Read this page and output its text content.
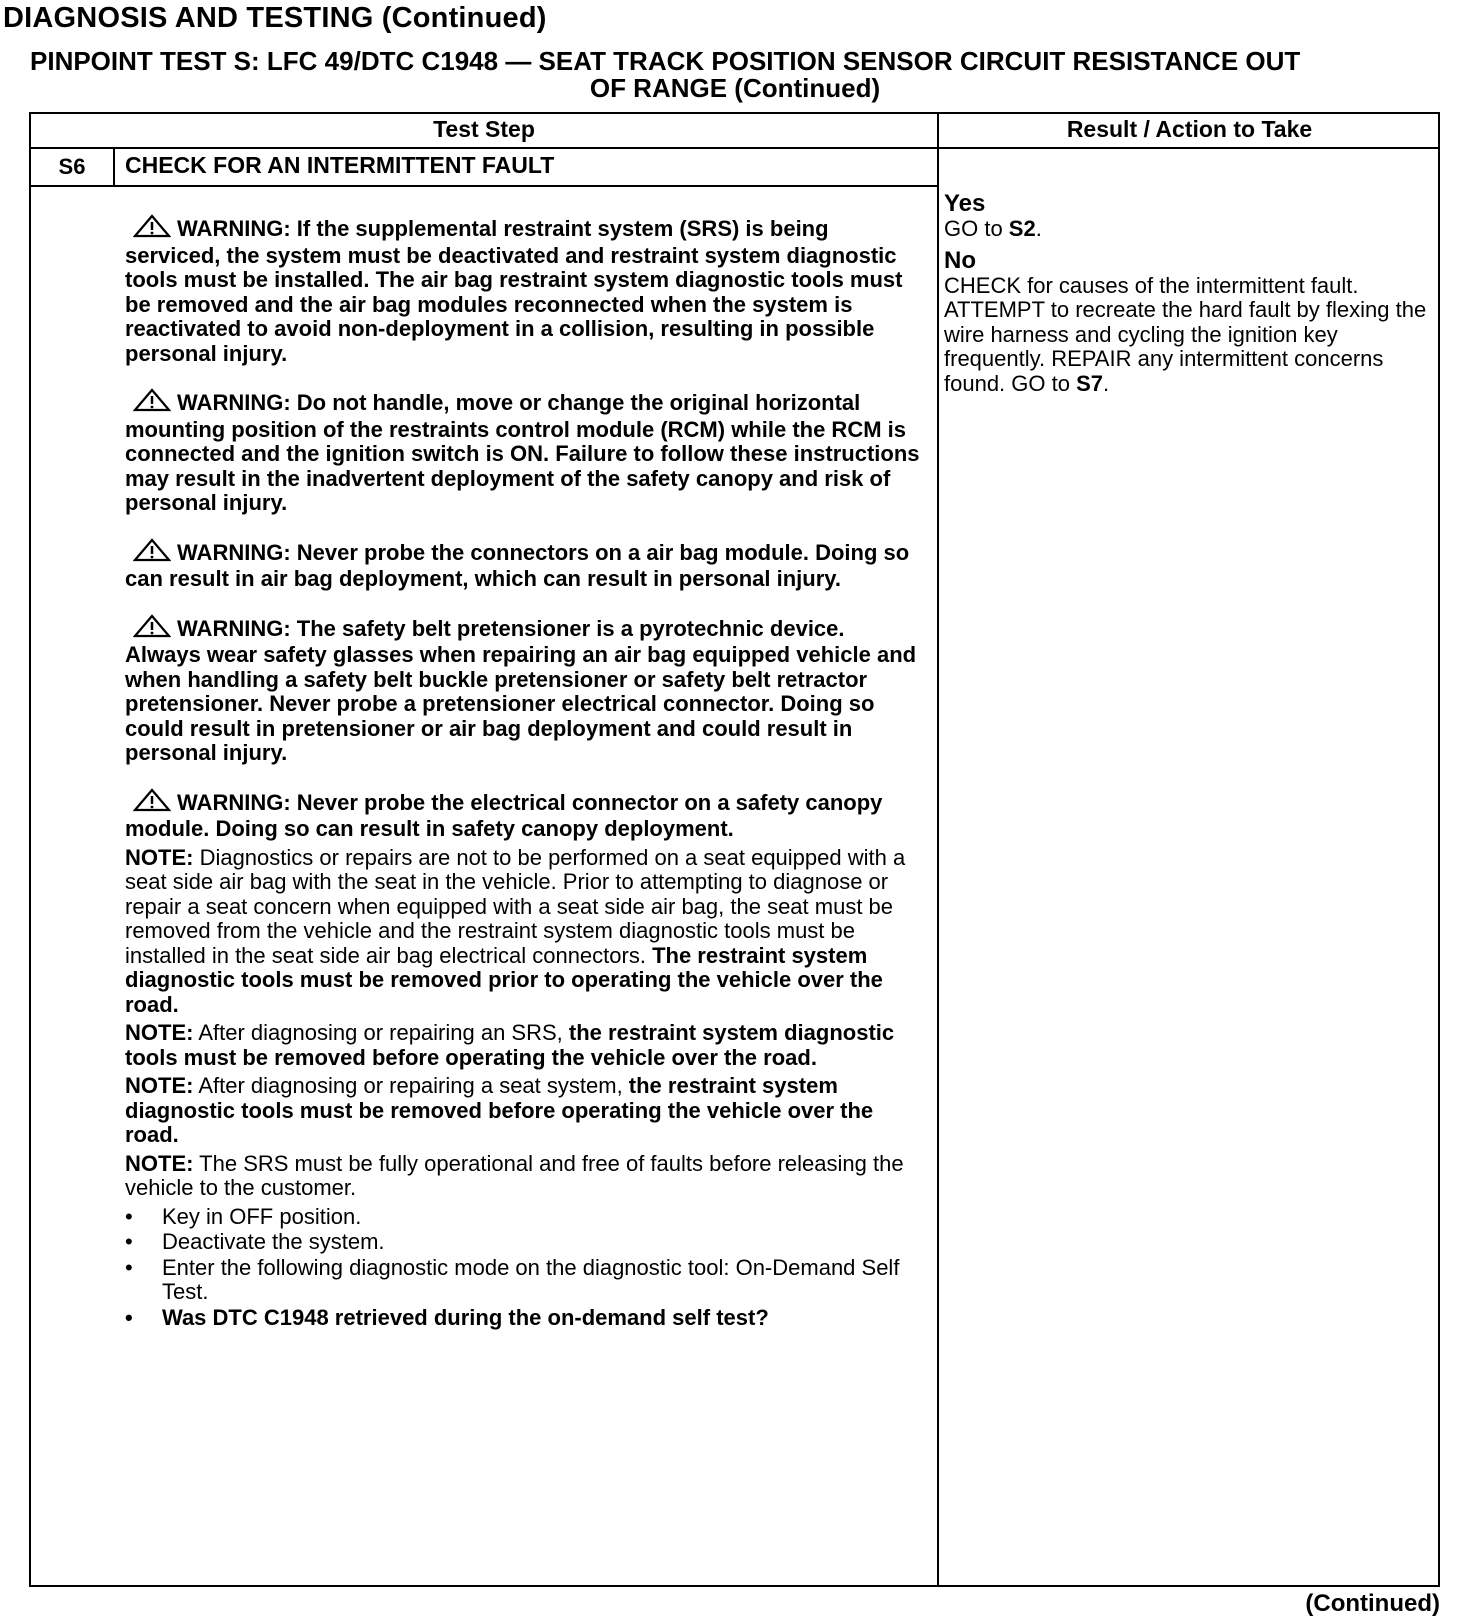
DIAGNOSIS AND TESTING (Continued)
PINPOINT TEST S: LFC 49/DTC C1948 — SEAT TRACK POSITION SENSOR CIRCUIT RESISTANCE OUT
OF RANGE (Continued)
Test Step	Result / Action to Take
S6	CHECK FOR AN INTERMITTENT FAULT

WARNING: If the supplemental restraint system (SRS) is being serviced, the system must be deactivated and restraint system diagnostic tools must be installed. The air bag restraint system diagnostic tools must be removed and the air bag modules reconnected when the system is reactivated to avoid non-deployment in a collision, resulting in possible personal injury.

WARNING: Do not handle, move or change the original horizontal mounting position of the restraints control module (RCM) while the RCM is connected and the ignition switch is ON. Failure to follow these instructions may result in the inadvertent deployment of the safety canopy and risk of personal injury.

WARNING: Never probe the connectors on a air bag module. Doing so can result in air bag deployment, which can result in personal injury.

WARNING: The safety belt pretensioner is a pyrotechnic device. Always wear safety glasses when repairing an air bag equipped vehicle and when handling a safety belt buckle pretensioner or safety belt retractor pretensioner. Never probe a pretensioner electrical connector. Doing so could result in pretensioner or air bag deployment and could result in personal injury.

WARNING: Never probe the electrical connector on a safety canopy module. Doing so can result in safety canopy deployment.

NOTE: Diagnostics or repairs are not to be performed on a seat equipped with a seat side air bag with the seat in the vehicle. Prior to attempting to diagnose or repair a seat concern when equipped with a seat side air bag, the seat must be removed from the vehicle and the restraint system diagnostic tools must be installed in the seat side air bag electrical connectors. The restraint system diagnostic tools must be removed prior to operating the vehicle over the road.

NOTE: After diagnosing or repairing an SRS, the restraint system diagnostic tools must be removed before operating the vehicle over the road.

NOTE: After diagnosing or repairing a seat system, the restraint system diagnostic tools must be removed before operating the vehicle over the road.

NOTE: The SRS must be fully operational and free of faults before releasing the vehicle to the customer.

• Key in OFF position.
• Deactivate the system.
• Enter the following diagnostic mode on the diagnostic tool: On-Demand Self Test.
• Was DTC C1948 retrieved during the on-demand self test?
Yes

GO to S2.

No

CHECK for causes of the intermittent fault. ATTEMPT to recreate the hard fault by flexing the wire harness and cycling the ignition key frequently. REPAIR any intermittent concerns found. GO to S7.

(Continued)
